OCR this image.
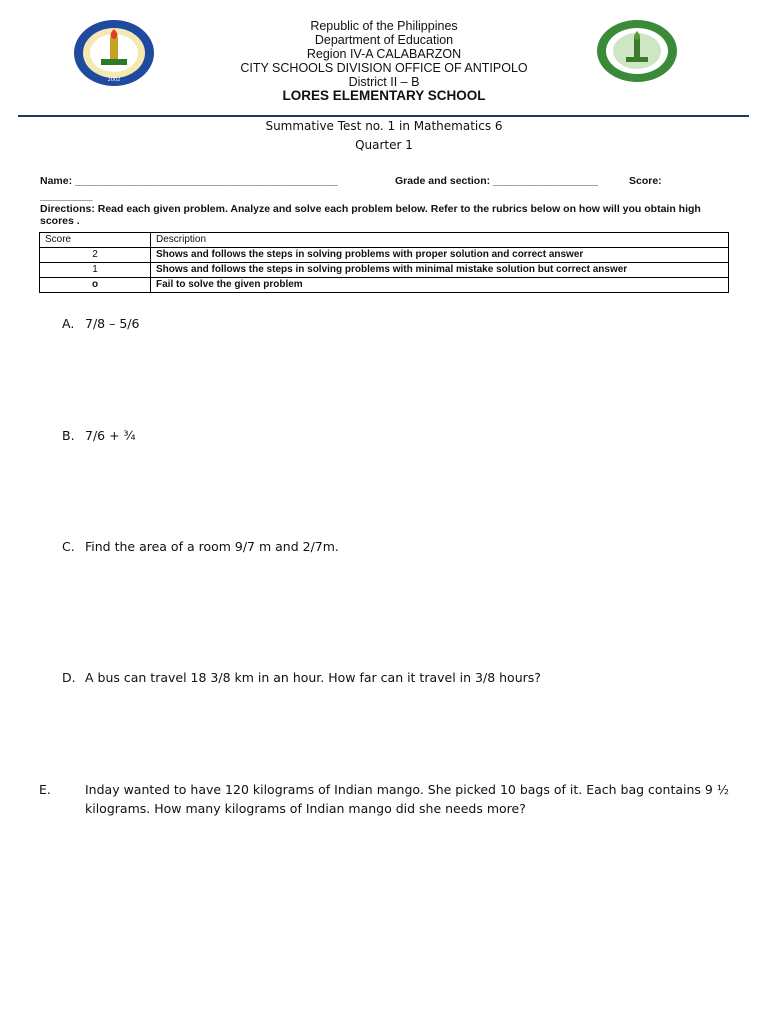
2002
Republic of the Philippines
Department of Education
Region IV-A CALABARZON
CITY SCHOOLS DIVISION OFFICE OF ANTIPOLO
District II – B
LORES ELEMENTARY SCHOOL
Summative Test no. 1 in Mathematics 6
Quarter 1
Name: _____________________________________________	Grade and section: __________________	Score:
_________
Directions: Read each given problem. Analyze and solve each problem below. Refer to the rubrics below on how will you obtain high scores .
Score	Description
2	Shows and follows the steps in solving problems with proper solution and correct answer
1	Shows and follows the steps in solving problems with minimal mistake solution but correct answer
o	Fail to solve the given problem
A. 7/8 – 5/6
B. 7/6 + ¾
C. Find the area of a room 9/7 m and 2/7m.
D. A bus can travel 18 3/8 km in an hour. How far can it travel in 3/8 hours?
E.	Inday wanted to have 120 kilograms of Indian mango. She picked 10 bags of it. Each bag contains 9 ½ kilograms. How many kilograms of Indian mango did she needs more?
